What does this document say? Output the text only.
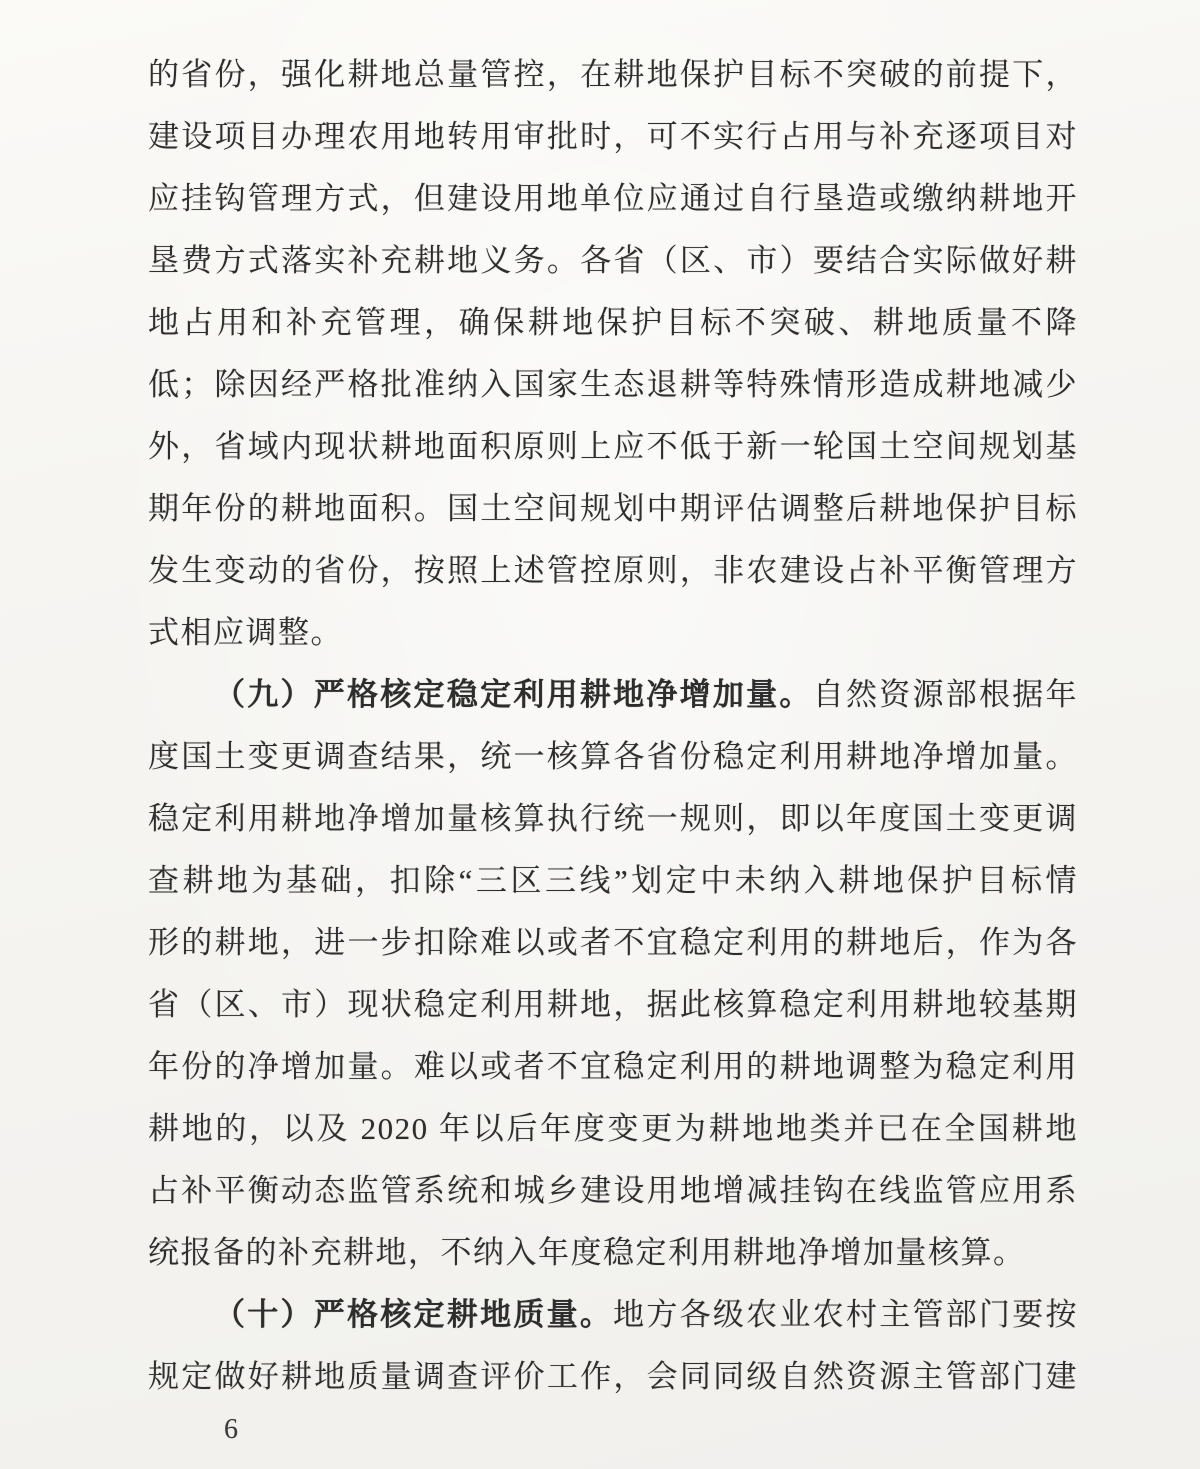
的省份，强化耕地总量管控，在耕地保护目标不突破的前提下，
建设项目办理农用地转用审批时，可不实行占用与补充逐项目对
应挂钩管理方式，但建设用地单位应通过自行垦造或缴纳耕地开
垦费方式落实补充耕地义务。各省（区、市）要结合实际做好耕
地占用和补充管理，确保耕地保护目标不突破、耕地质量不降
低；除因经严格批准纳入国家生态退耕等特殊情形造成耕地减少
外，省域内现状耕地面积原则上应不低于新一轮国土空间规划基
期年份的耕地面积。国土空间规划中期评估调整后耕地保护目标
发生变动的省份，按照上述管控原则，非农建设占补平衡管理方
式相应调整。
（九）严格核定稳定利用耕地净增加量。自然资源部根据年
度国土变更调查结果，统一核算各省份稳定利用耕地净增加量。
稳定利用耕地净增加量核算执行统一规则，即以年度国土变更调
查耕地为基础，扣除“三区三线”划定中未纳入耕地保护目标情
形的耕地，进一步扣除难以或者不宜稳定利用的耕地后，作为各
省（区、市）现状稳定利用耕地，据此核算稳定利用耕地较基期
年份的净增加量。难以或者不宜稳定利用的耕地调整为稳定利用
耕地的，以及 2020 年以后年度变更为耕地地类并已在全国耕地
占补平衡动态监管系统和城乡建设用地增减挂钩在线监管应用系
统报备的补充耕地，不纳入年度稳定利用耕地净增加量核算。
（十）严格核定耕地质量。地方各级农业农村主管部门要按
规定做好耕地质量调查评价工作，会同同级自然资源主管部门建
6
